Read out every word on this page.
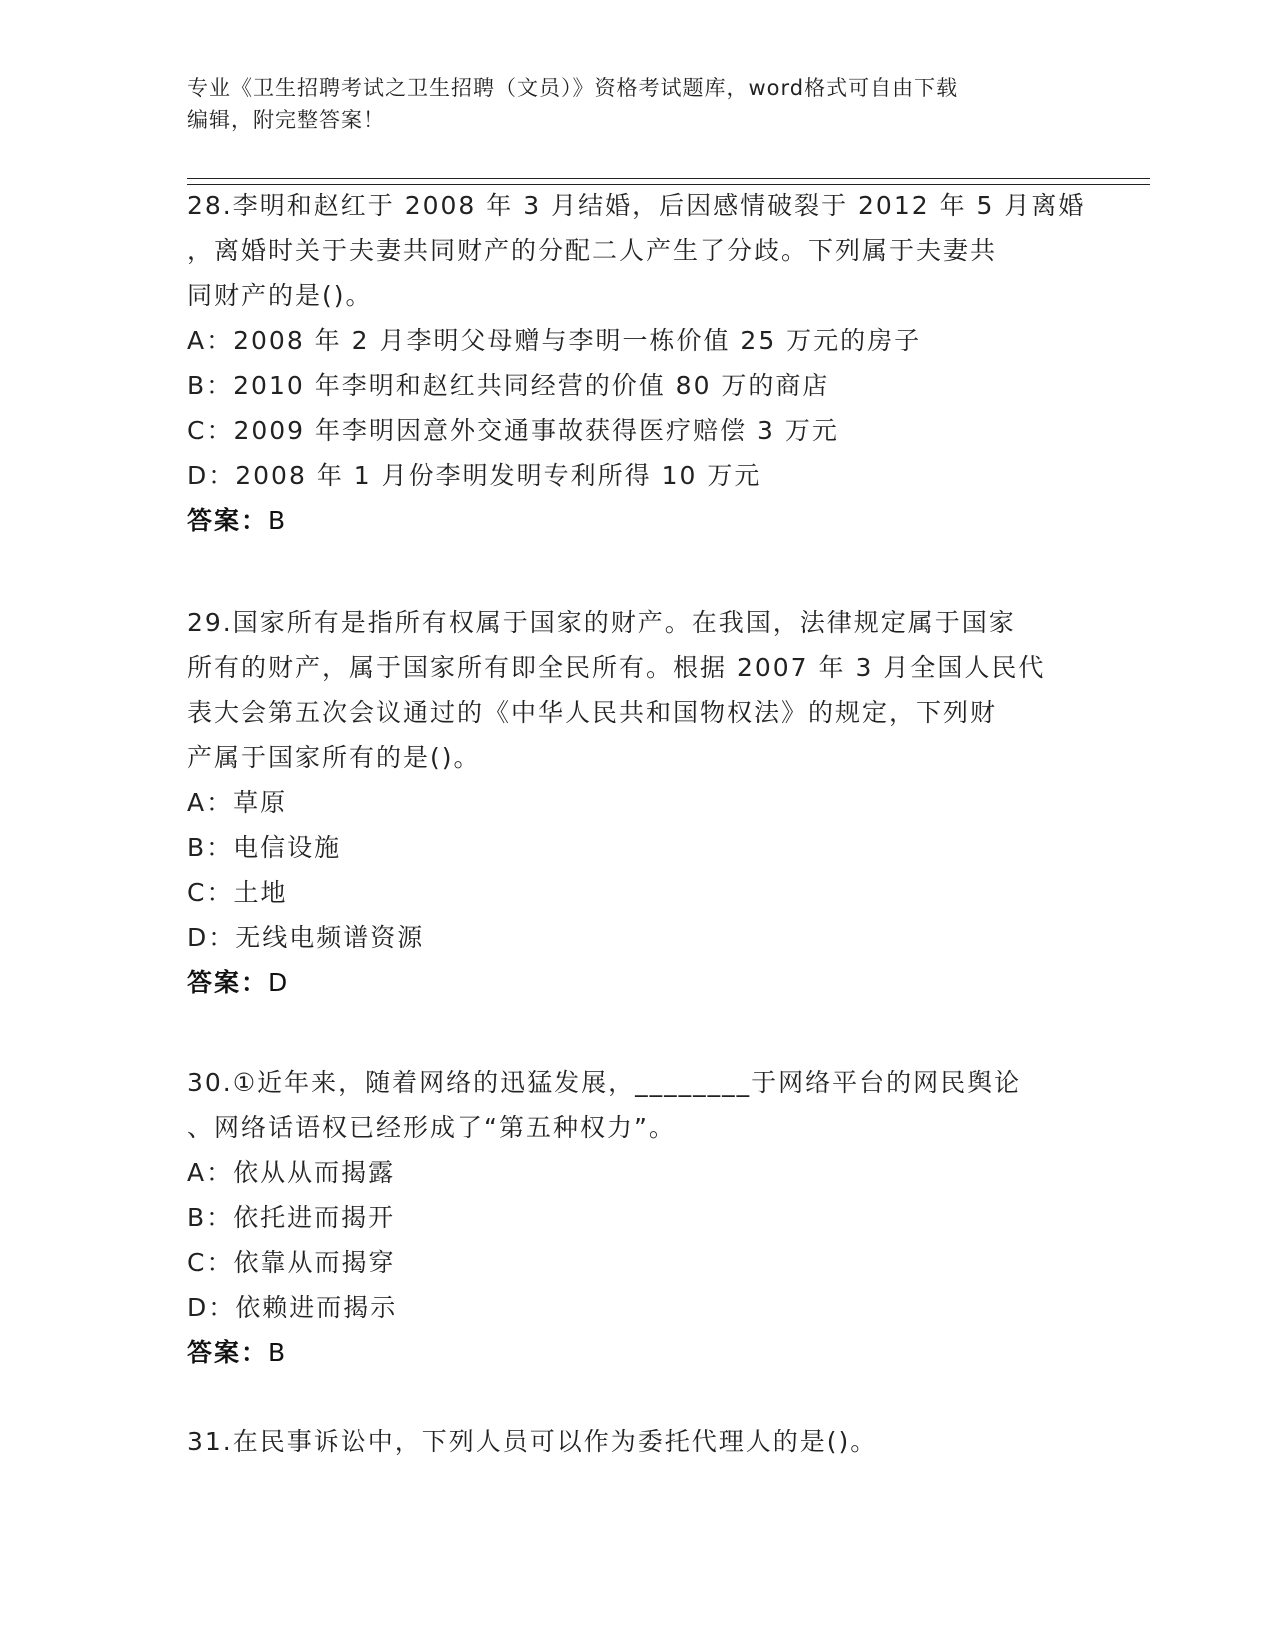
专业《卫生招聘考试之卫生招聘（文员）》资格考试题库，word格式可自由下载
编辑，附完整答案！
28.李明和赵红于 2008 年 3 月结婚，后因感情破裂于 2012 年 5 月离婚
，离婚时关于夫妻共同财产的分配二人产生了分歧。下列属于夫妻共
同财产的是()。
A：2008 年 2 月李明父母赠与李明一栋价值 25 万元的房子
B：2010 年李明和赵红共同经营的价值 80 万的商店
C：2009 年李明因意外交通事故获得医疗赔偿 3 万元
D：2008 年 1 月份李明发明专利所得 10 万元
答案：B
29.国家所有是指所有权属于国家的财产。在我国，法律规定属于国家
所有的财产，属于国家所有即全民所有。根据 2007 年 3 月全国人民代
表大会第五次会议通过的《中华人民共和国物权法》的规定，下列财
产属于国家所有的是()。
A：草原
B：电信设施
C：土地
D：无线电频谱资源
答案：D
30.①近年来，随着网络的迅猛发展，________于网络平台的网民舆论
、网络话语权已经形成了“第五种权力”。
A：依从从而揭露
B：依托进而揭开
C：依靠从而揭穿
D：依赖进而揭示
答案：B
31.在民事诉讼中，下列人员可以作为委托代理人的是()。
